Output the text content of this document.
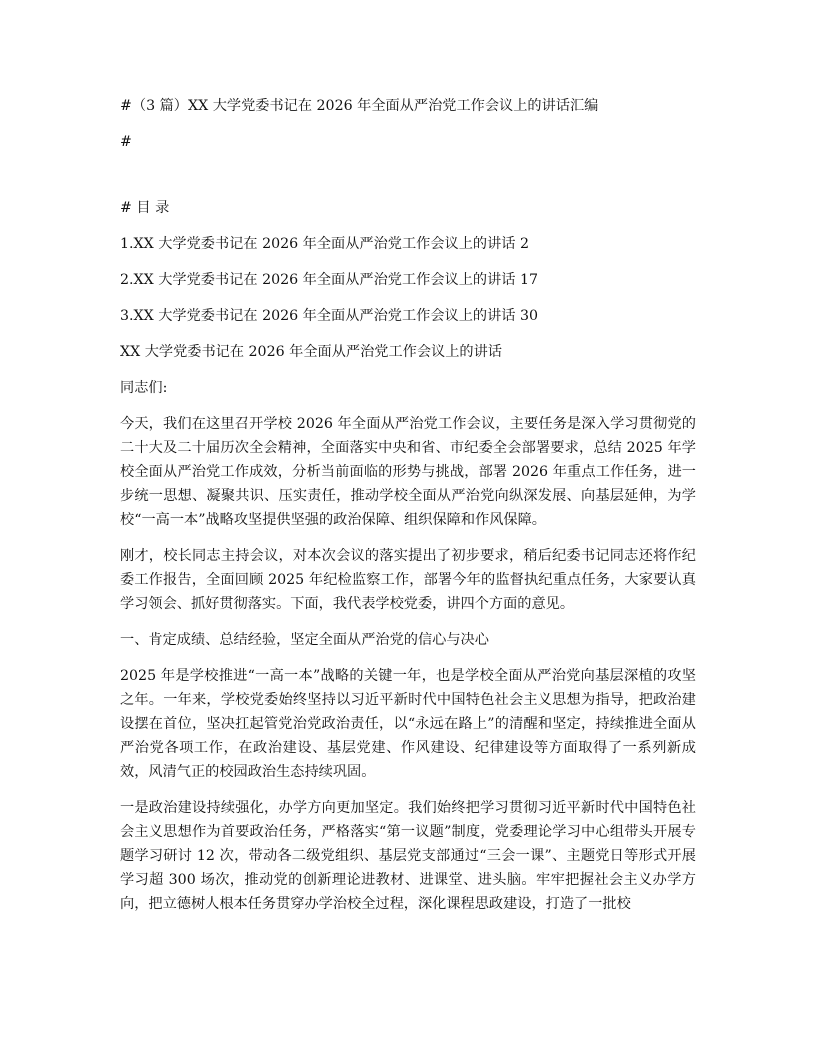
#（3 篇）XX 大学党委书记在 2026 年全面从严治党工作会议上的讲话汇编

#

# 目 录

1.XX 大学党委书记在 2026 年全面从严治党工作会议上的讲话 2

2.XX 大学党委书记在 2026 年全面从严治党工作会议上的讲话 17

3.XX 大学党委书记在 2026 年全面从严治党工作会议上的讲话 30

XX 大学党委书记在 2026 年全面从严治党工作会议上的讲话

同志们:

今天，我们在这里召开学校 2026 年全面从严治党工作会议，主要任务是深入学习贯彻党的二十大及二十届历次全会精神，全面落实中央和省、市纪委全会部署要求，总结 2025 年学校全面从严治党工作成效，分析当前面临的形势与挑战，部署 2026 年重点工作任务，进一步统一思想、凝聚共识、压实责任，推动学校全面从严治党向纵深发展、向基层延伸，为学校“一高一本”战略攻坚提供坚强的政治保障、组织保障和作风保障。

刚才，校长同志主持会议，对本次会议的落实提出了初步要求，稍后纪委书记同志还将作纪委工作报告，全面回顾 2025 年纪检监察工作，部署今年的监督执纪重点任务，大家要认真学习领会、抓好贯彻落实。下面，我代表学校党委，讲四个方面的意见。

一、肯定成绩、总结经验，坚定全面从严治党的信心与决心

2025 年是学校推进“一高一本”战略的关键一年，也是学校全面从严治党向基层深植的攻坚之年。一年来，学校党委始终坚持以习近平新时代中国特色社会主义思想为指导，把政治建设摆在首位，坚决扛起管党治党政治责任，以“永远在路上”的清醒和坚定，持续推进全面从严治党各项工作，在政治建设、基层党建、作风建设、纪律建设等方面取得了一系列新成效，风清气正的校园政治生态持续巩固。

一是政治建设持续强化，办学方向更加坚定。我们始终把学习贯彻习近平新时代中国特色社会主义思想作为首要政治任务，严格落实“第一议题”制度，党委理论学习中心组带头开展专题学习研讨 12 次，带动各二级党组织、基层党支部通过“三会一课”、主题党日等形式开展学习超 300 场次，推动党的创新理论进教材、进课堂、进头脑。牢牢把握社会主义办学方向，把立德树人根本任务贯穿办学治校全过程，深化课程思政建设，打造了一批校
